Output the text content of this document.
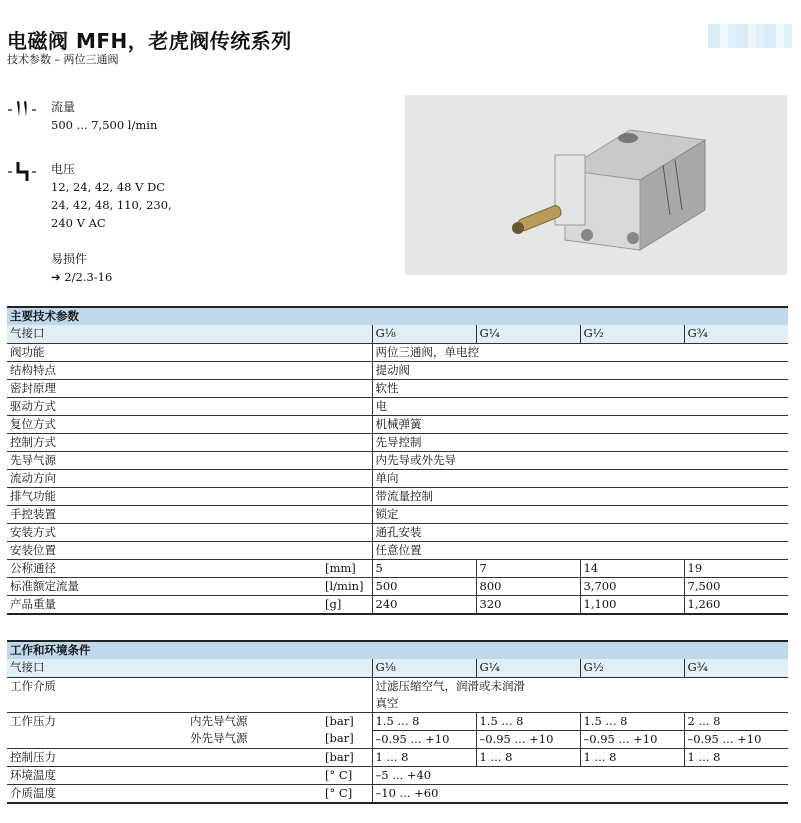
电磁阀 MFH，老虎阀传统系列
技术参数 – 两位三通阀
流量
500 ... 7,500 l/min
电压
12, 24, 42, 48 V DC
24, 42, 48, 110, 230,
240 V AC
易损件
➔ 2/2.3-16
主要技术参数					
气接口		G⅛	G¼	G½	G¾
阀功能		两位三通阀，单电控			
结构特点		提动阀			
密封原理		软性			
驱动方式		电			
复位方式		机械弹簧			
控制方式		先导控制			
先导气源		内先导或外先导			
流动方向		单向			
排气功能		带流量控制			
手控装置		锁定			
安装方式		通孔安装			
安装位置		任意位置			
公称通径	[mm]	5	7	14	19
标准额定流量	[l/min]	500	800	3,700	7,500
产品重量	[g]	240	320	1,100	1,260
工作和环境条件						
气接口			G⅛	G¼	G½	G¾
工作介质			过滤压缩空气，润滑或未润滑
真空			

工作压力	内先导气源	[bar]	1.5 ... 8	1.5 ... 8	1.5 ... 8	2 ... 8
	外先导气源	[bar]	–0.95 ... +10	–0.95 ... +10	–0.95 ... +10	–0.95 ... +10
控制压力		[bar]	1 ... 8	1 ... 8	1 ... 8	1 ... 8
环境温度		[° C]	–5 ... +40			
介质温度		[° C]	–10 ... +60			
